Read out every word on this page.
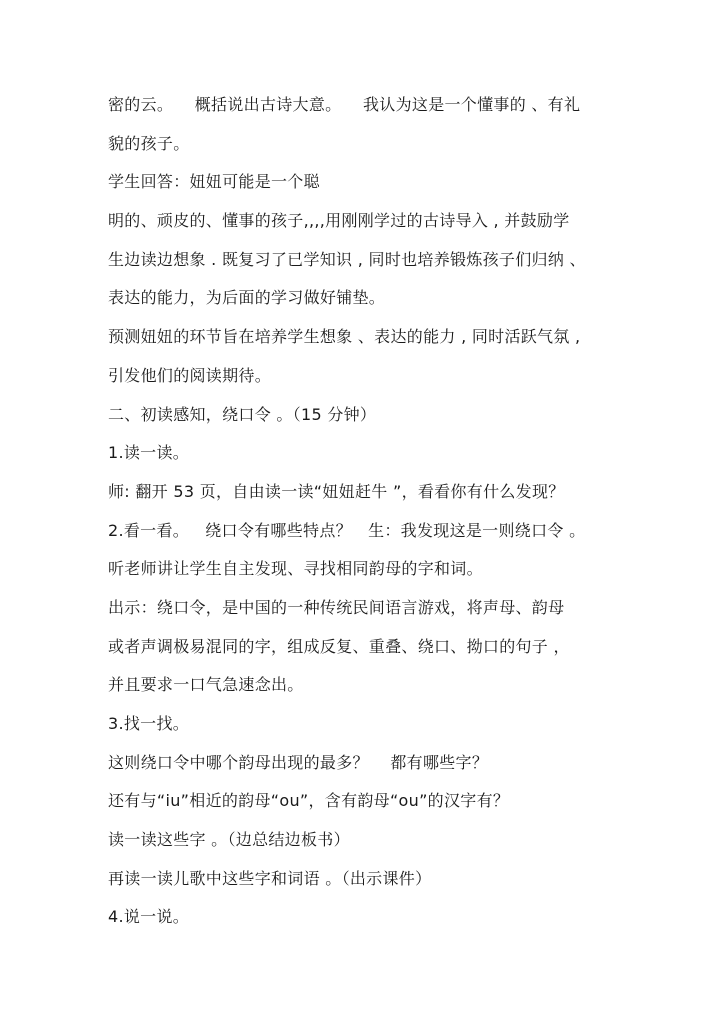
密的云。    概括说出古诗大意。    我认为这是一个懂事的 、有礼
貌的孩子。
学生回答：妞妞可能是一个聪
明的、顽皮的、懂事的孩子,,,,用刚刚学过的古诗导入 , 并鼓励学
生边读边想象 . 既复习了已学知识 , 同时也培养锻炼孩子们归纳 、
表达的能力，为后面的学习做好铺垫。
预测妞妞的环节旨在培养学生想象 、表达的能力 , 同时活跃气氛 ,
引发他们的阅读期待。
二、初读感知，绕口令 。（15 分钟）
1.读一读。
师: 翻开 53 页，自由读一读“妞妞赶牛 ”，看看你有什么发现？
2.看一看。   绕口令有哪些特点？   生：我发现这是一则绕口令 。
听老师讲让学生自主发现、寻找相同韵母的字和词。
出示：绕口令，是中国的一种传统民间语言游戏，将声母、韵母
或者声调极易混同的字，组成反复、重叠、绕口、拗口的句子 ，
并且要求一口气急速念出。
3.找一找。
这则绕口令中哪个韵母出现的最多？    都有哪些字？
还有与“iu”相近的韵母“ou”，含有韵母“ou”的汉字有？
读一读这些字 。（边总结边板书）
再读一读儿歌中这些字和词语 。（出示课件）
4.说一说。
